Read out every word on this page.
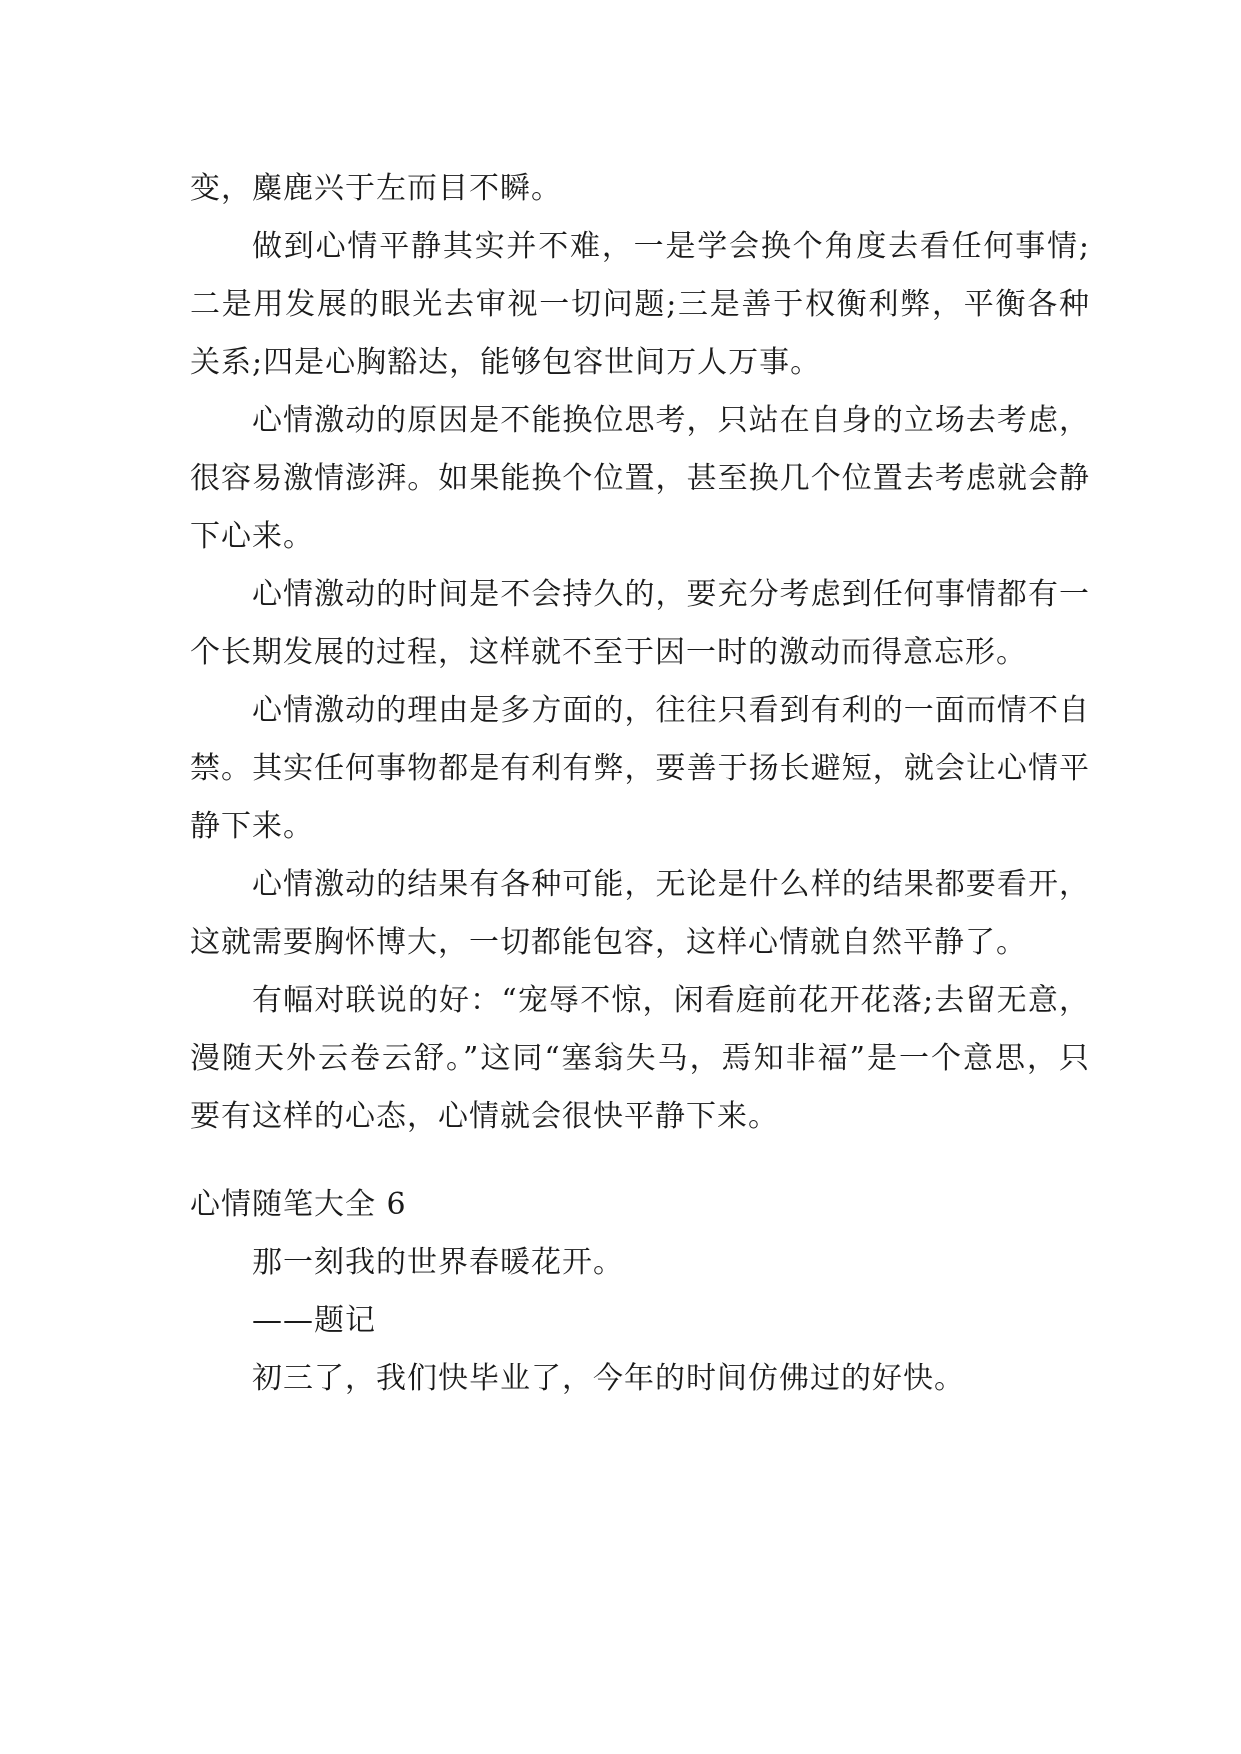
变，麋鹿兴于左而目不瞬。

做到心情平静其实并不难，一是学会换个角度去看任何事情;二是用发展的眼光去审视一切问题;三是善于权衡利弊，平衡各种关系;四是心胸豁达，能够包容世间万人万事。

心情激动的原因是不能换位思考，只站在自身的立场去考虑，很容易激情澎湃。如果能换个位置，甚至换几个位置去考虑就会静下心来。

心情激动的时间是不会持久的，要充分考虑到任何事情都有一个长期发展的过程，这样就不至于因一时的激动而得意忘形。

心情激动的理由是多方面的，往往只看到有利的一面而情不自禁。其实任何事物都是有利有弊，要善于扬长避短，就会让心情平静下来。

心情激动的结果有各种可能，无论是什么样的结果都要看开，这就需要胸怀博大，一切都能包容，这样心情就自然平静了。

有幅对联说的好：“宠辱不惊，闲看庭前花开花落;去留无意，漫随天外云卷云舒。”这同“塞翁失马，焉知非福”是一个意思，只要有这样的心态，心情就会很快平静下来。

心情随笔大全 6

那一刻我的世界春暖花开。

——题记

初三了，我们快毕业了，今年的时间仿佛过的好快。
